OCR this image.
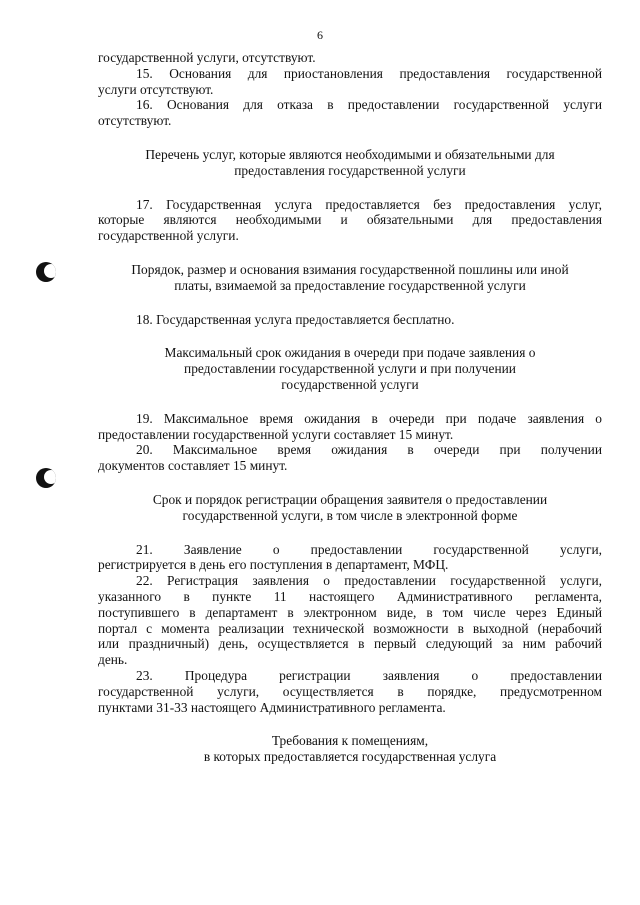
6

государственной услуги, отсутствуют.

15. Основания для приостановления предоставления государственной
услуги отсутствуют.

16. Основания для отказа в предоставлении государственной услуги
отсутствуют.

Перечень услуг, которые являются необходимыми и обязательными для
предоставления государственной услуги

17. Государственная услуга предоставляется без предоставления услуг,
которые являются необходимыми и обязательными для предоставления
государственной услуги.

Порядок, размер и основания взимания государственной пошлины или иной
платы, взимаемой за предоставление государственной услуги

18. Государственная услуга предоставляется бесплатно.

Максимальный срок ожидания в очереди при подаче заявления о
предоставлении государственной услуги и при получении
государственной услуги

19. Максимальное время ожидания в очереди при подаче заявления о
предоставлении государственной услуги составляет 15 минут.

20. Максимальное время ожидания в очереди при получении
документов составляет 15 минут.

Срок и порядок регистрации обращения заявителя о предоставлении
государственной услуги, в том числе в электронной форме

21. Заявление о предоставлении государственной услуги,
регистрируется в день его поступления в департамент, МФЦ.

22. Регистрация заявления о предоставлении государственной услуги,
указанного в пункте 11 настоящего Административного регламента,
поступившего в департамент в электронном виде, в том числе через Единый
портал с момента реализации технической возможности в выходной (нерабочий
или праздничный) день, осуществляется в первый следующий за ним рабочий
день.

23. Процедура регистрации заявления о предоставлении
государственной услуги, осуществляется в порядке, предусмотренном
пунктами 31-33 настоящего Административного регламента.

Требования к помещениям,
в которых предоставляется государственная услуга
